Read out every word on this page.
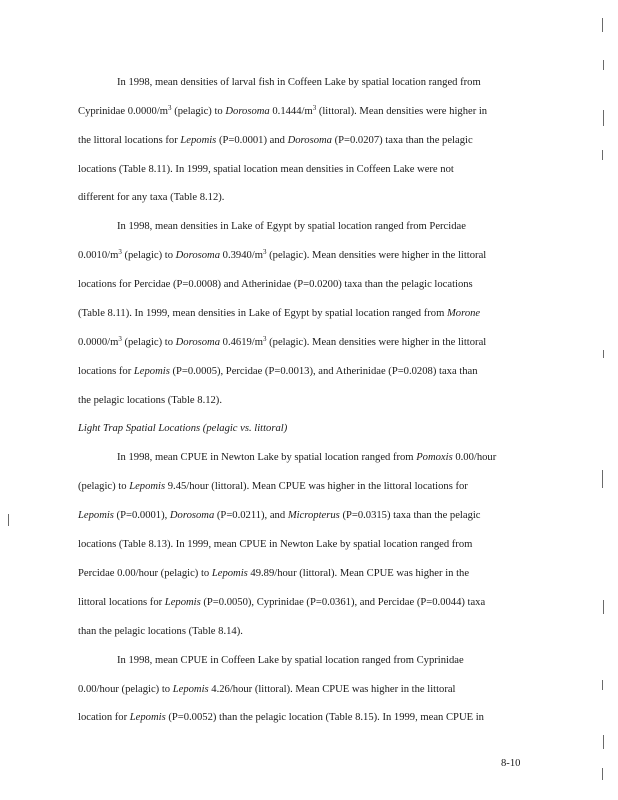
In 1998, mean densities of larval fish in Coffeen Lake by spatial location ranged from
Cyprinidae $0.0000/m^3$ (pelagic) to Dorosoma $0.1444/m^3$ (littoral). Mean densities were higher in
the littoral locations for Lepomis (P=0.0001) and Dorosoma (P=0.0207) taxa than the pelagic
locations (Table 8.11). In 1999, spatial location mean densities in Coffeen Lake were not
different for any taxa (Table 8.12).
In 1998, mean densities in Lake of Egypt by spatial location ranged from Percidae
$0.0010/m^3$ (pelagic) to Dorosoma $0.3940/m^3$ (pelagic). Mean densities were higher in the littoral
locations for Percidae (P=0.0008) and Atherinidae (P=0.0200) taxa than the pelagic locations
(Table 8.11). In 1999, mean densities in Lake of Egypt by spatial location ranged from Morone
$0.0000/m^3$ (pelagic) to Dorosoma $0.4619/m^3$ (pelagic). Mean densities were higher in the littoral
locations for Lepomis (P=0.0005), Percidae (P=0.0013), and Atherinidae (P=0.0208) taxa than
the pelagic locations (Table 8.12).
Light Trap Spatial Locations (pelagic vs. littoral)
In 1998, mean CPUE in Newton Lake by spatial location ranged from Pomoxis 0.00/hour
(pelagic) to Lepomis 9.45/hour (littoral). Mean CPUE was higher in the littoral locations for
Lepomis (P=0.0001), Dorosoma (P=0.0211), and Micropterus (P=0.0315) taxa than the pelagic
locations (Table 8.13). In 1999, mean CPUE in Newton Lake by spatial location ranged from
Percidae 0.00/hour (pelagic) to Lepomis 49.89/hour (littoral). Mean CPUE was higher in the
littoral locations for Lepomis (P=0.0050), Cyprinidae (P=0.0361), and Percidae (P=0.0044) taxa
than the pelagic locations (Table 8.14).
In 1998, mean CPUE in Coffeen Lake by spatial location ranged from Cyprinidae
0.00/hour (pelagic) to Lepomis 4.26/hour (littoral). Mean CPUE was higher in the littoral
location for Lepomis (P=0.0052) than the pelagic location (Table 8.15). In 1999, mean CPUE in
8-10
